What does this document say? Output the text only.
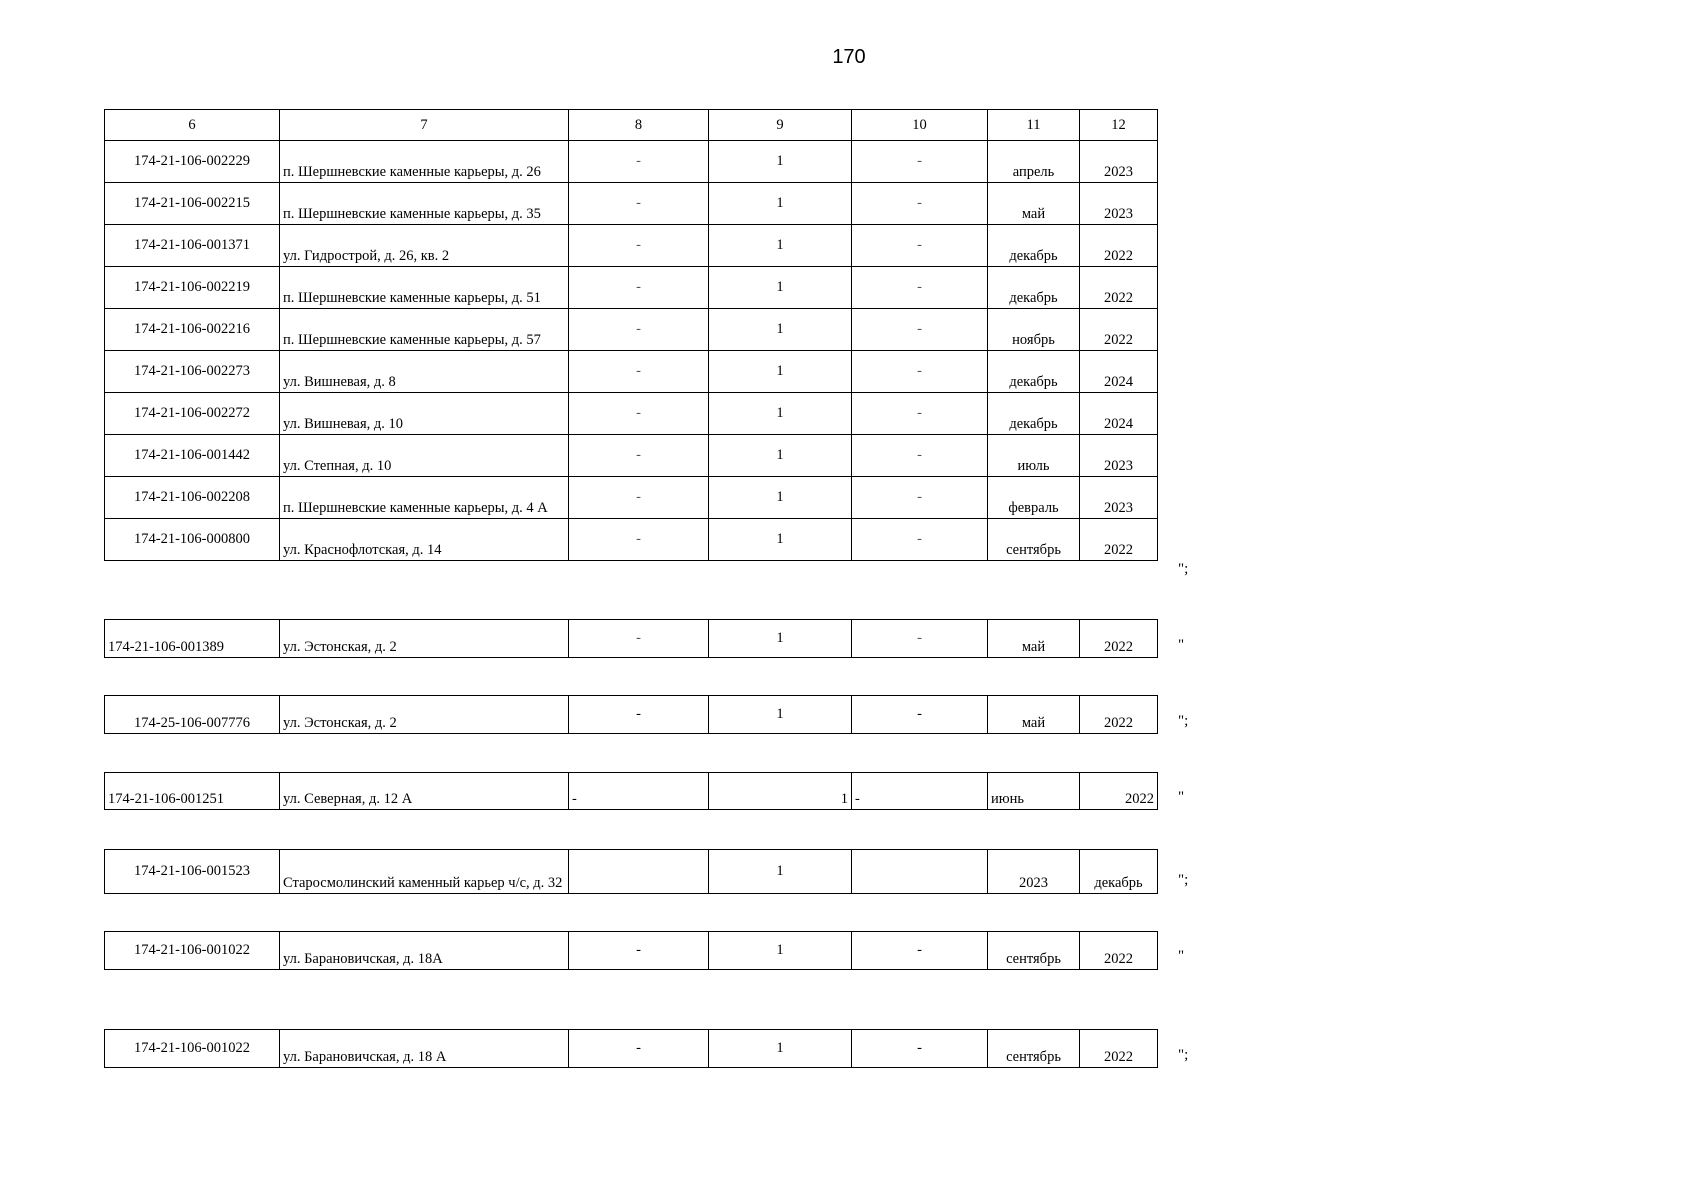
170
6	7	8	9	10	11	12
174-21-106-002229	п. Шершневские каменные карьеры, д. 26	-	1	-	апрель	2023
174-21-106-002215	п. Шершневские каменные карьеры, д. 35	-	1	-	май	2023
174-21-106-001371	ул. Гидрострой, д. 26, кв. 2	-	1	-	декабрь	2022
174-21-106-002219	п. Шершневские каменные карьеры, д. 51	-	1	-	декабрь	2022
174-21-106-002216	п. Шершневские каменные карьеры, д. 57	-	1	-	ноябрь	2022
174-21-106-002273	ул. Вишневая, д. 8	-	1	-	декабрь	2024
174-21-106-002272	ул. Вишневая, д. 10	-	1	-	декабрь	2024
174-21-106-001442	ул. Степная, д. 10	-	1	-	июль	2023
174-21-106-002208	п. Шершневские каменные карьеры, д. 4 А	-	1	-	февраль	2023
174-21-106-000800	ул. Краснофлотская, д. 14	-	1	-	сентябрь	2022
";
174-21-106-001389	ул. Эстонская, д. 2	-	1	-	май	2022	"
174-25-106-007776	ул. Эстонская, д. 2	-	1	-	май	2022	";
174-21-106-001251	ул. Северная, д. 12 А	-	1	-	июнь	2022 "
174-21-106-001523	Старосмолинский каменный карьер ч/с, д. 32		1		2023	декабрь ";
174-21-106-001022	ул. Барановичская, д. 18А	-	1	-	сентябрь	2022	"
174-21-106-001022	ул. Барановичская, д. 18 А	-	1	-	сентябрь	2022	";
